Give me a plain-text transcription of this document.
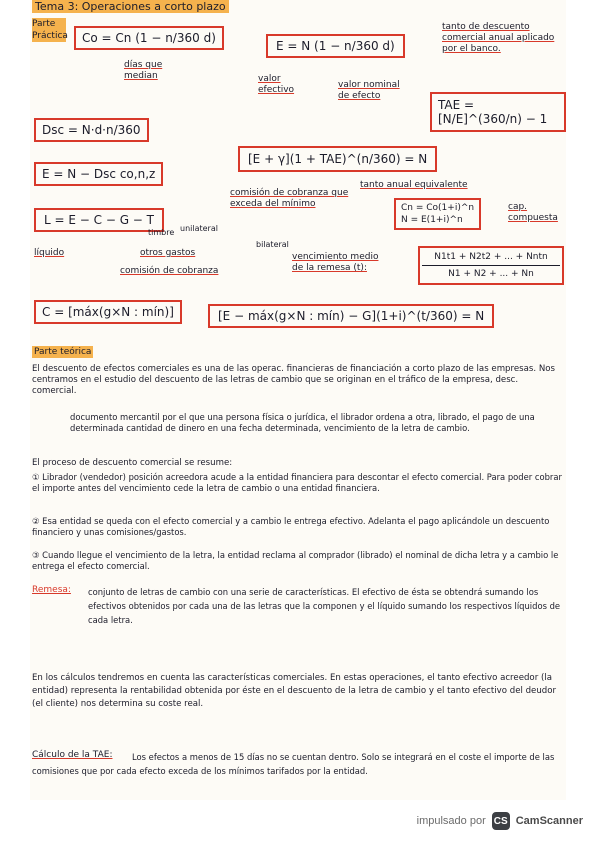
Tema 3: Operaciones a corto plazo
Parte Práctica	Co = Cn (1 − n/360 d)
días que median
E = N (1 − n/360 d)
tanto de descuento comercial anual aplicado por el banco.
valor efectivo	valor nominal de efecto
Dsc = N·d·n/360
TAE = [N/E]^(360/n) − 1
E = N − Dsc co,n,z
[E + γ](1 + TAE)^(n/360) = N
tanto anual equivalente
comisión de cobranza que exceda del mínimo
L = E − C − G − T
timbre unilateral
líquido	otros gastos
bilateral
comisión de cobranza
vencimiento medio de la remesa (t):
Cn = Co(1+i)^n
N = E(1+i)^n
cap. compuesta
N1t1 + N2t2 + ... + Nntn
N1 + N2 + ... + Nn
C = [máx(g×N : mín)]	[E − máx(g×N : mín) − G](1+i)^(t/360) = N
Parte teórica
El descuento de efectos comerciales es una de las operac. financieras de financiación a corto plazo de las empresas. Nos centramos en el estudio del descuento de las letras de cambio que se originan en el tráfico de la empresa, desc. comercial.
documento mercantil por el que una persona física o jurídica, el librador ordena a otra, librado, el pago de una determinada cantidad de dinero en una fecha determinada, vencimiento de la letra de cambio.
El proceso de descuento comercial se resume:
① Librador (vendedor) posición acreedora acude a la entidad financiera para descontar el efecto comercial. Para poder cobrar el importe antes del vencimiento cede la letra de cambio o una entidad financiera.
② Esa entidad se queda con el efecto comercial y a cambio le entrega efectivo. Adelanta el pago aplicándole un descuento financiero y unas comisiones/gastos.
③ Cuando llegue el vencimiento de la letra, la entidad reclama al comprador (librado) el nominal de dicha letra y a cambio le entrega el efecto comercial.
Remesa: conjunto de letras de cambio con una serie de características. El efectivo de ésta se obtendrá sumando los efectivos obtenidos por cada una de las letras que la componen y el líquido sumando los respectivos líquidos de cada letra.
En los cálculos tendremos en cuenta las características comerciales. En estas operaciones, el tanto efectivo acreedor (la entidad) representa la rentabilidad obtenida por éste en el descuento de la letra de cambio y el tanto efectivo del deudor (el cliente) nos determina su coste real.
Cálculo de la TAE:	Los efectos a menos de 15 días no se cuentan dentro. Solo se integrará en el coste el importe de las comisiones que por cada efecto exceda de los mínimos tarifados por la entidad.
impulsado por CS CamScanner
